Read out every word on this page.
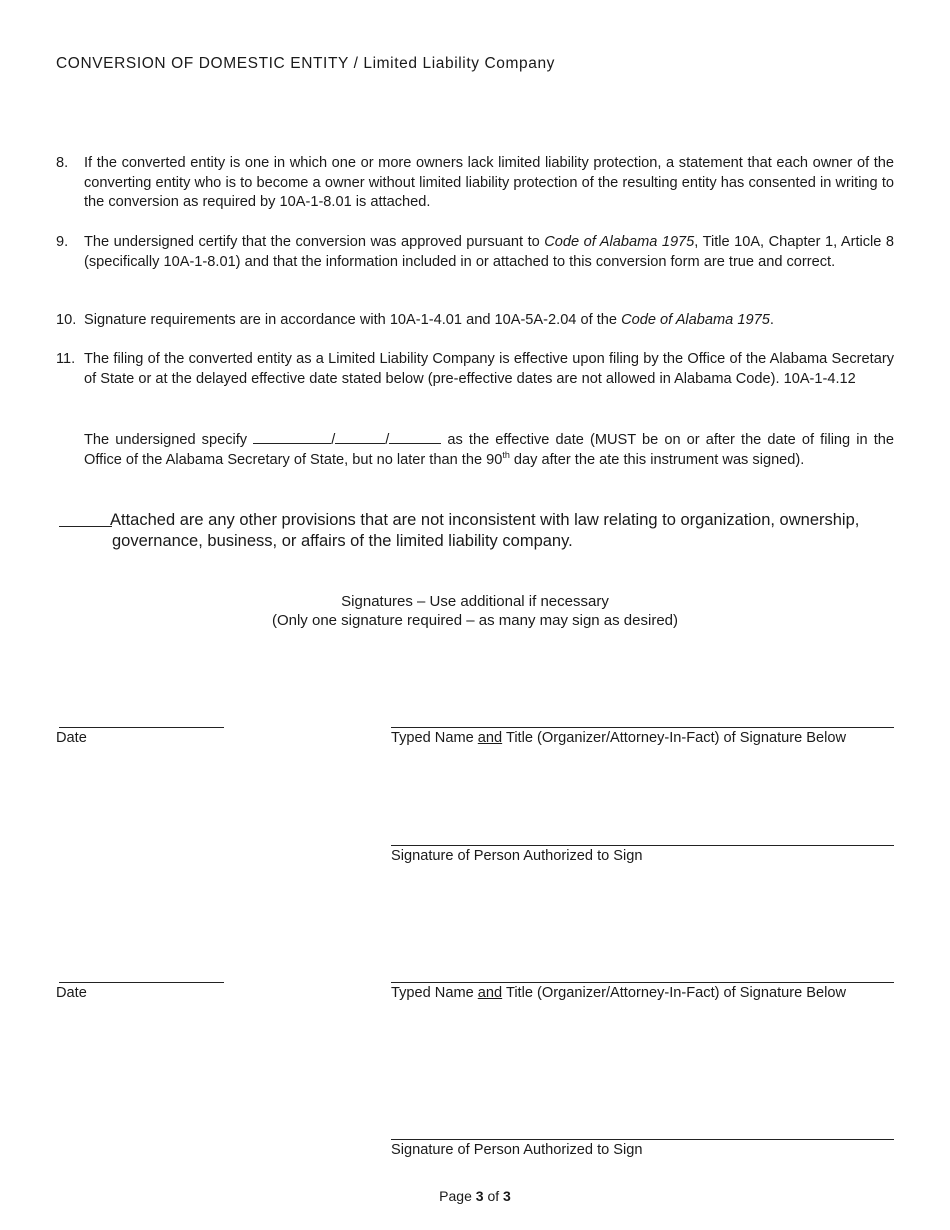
CONVERSION OF DOMESTIC ENTITY / Limited Liability Company
8.	If the converted entity is one in which one or more owners lack limited liability protection, a statement that each owner of the converting entity who is to become a owner without limited liability protection of the resulting entity has consented in writing to the conversion as required by 10A-1-8.01 is attached.
9.	The undersigned certify that the conversion was approved pursuant to Code of Alabama 1975, Title 10A, Chapter 1, Article 8 (specifically 10A-1-8.01) and that the information included in or attached to this conversion form are true and correct.
10. Signature requirements are in accordance with 10A-1-4.01 and 10A-5A-2.04 of the Code of Alabama 1975.
11. The filing of the converted entity as a Limited Liability Company is effective upon filing by the Office of the Alabama Secretary of State or at the delayed effective date stated below (pre-effective dates are not allowed in Alabama Code). 10A-1-4.12
The undersigned specify	/	/	as the effective date (MUST be on or after the date of filing in the Office of the Alabama Secretary of State, but no later than the 90th day after the ate this instrument was signed).
Attached are any other provisions that are not inconsistent with law relating to organization, ownership, governance, business, or affairs of the limited liability company.
Signatures – Use additional if necessary
(Only one signature required – as many may sign as desired)
Date	Typed Name and Title (Organizer/Attorney-In-Fact) of Signature Below
Signature of Person Authorized to Sign
Date	Typed Name and Title (Organizer/Attorney-In-Fact) of Signature Below
Signature of Person Authorized to Sign
Page 3 of 3
